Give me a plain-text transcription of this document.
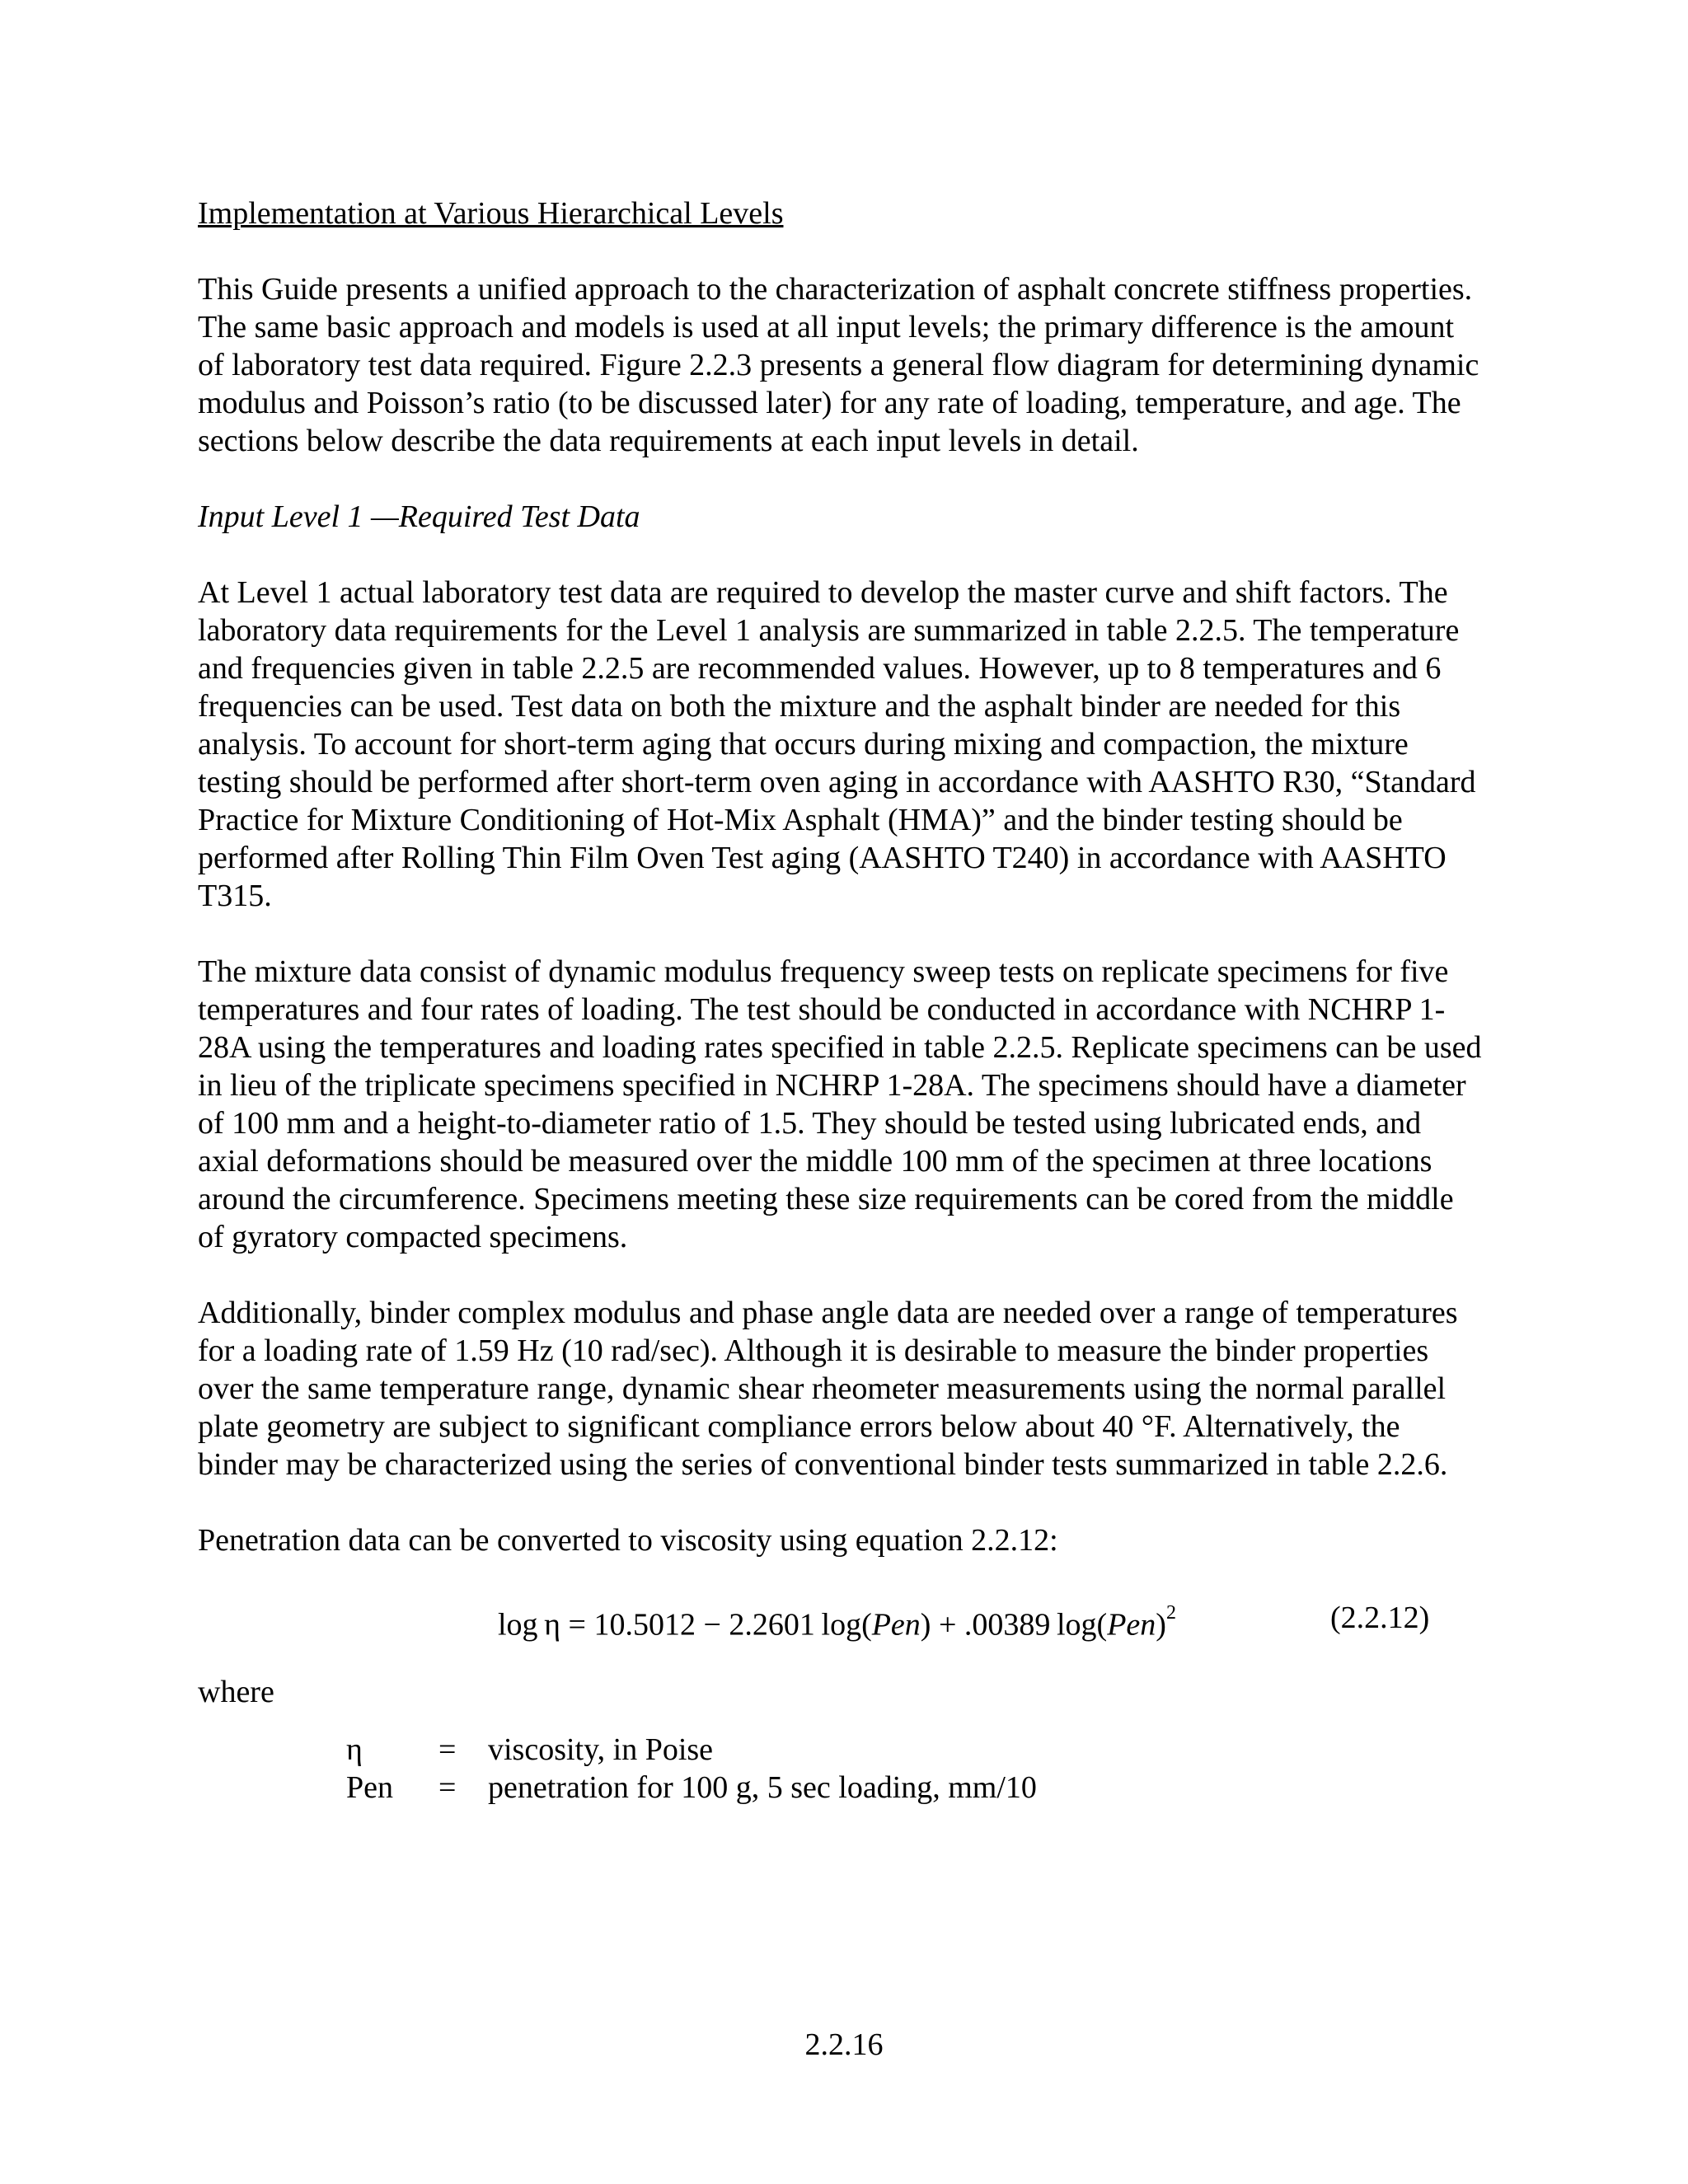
Implementation at Various Hierarchical Levels

This Guide presents a unified approach to the characterization of asphalt concrete stiffness properties. The same basic approach and models is used at all input levels; the primary difference is the amount of laboratory test data required. Figure 2.2.3 presents a general flow diagram for determining dynamic modulus and Poisson’s ratio (to be discussed later) for any rate of loading, temperature, and age. The sections below describe the data requirements at each input levels in detail.

Input Level 1 —Required Test Data

At Level 1 actual laboratory test data are required to develop the master curve and shift factors. The laboratory data requirements for the Level 1 analysis are summarized in table 2.2.5. The temperature and frequencies given in table 2.2.5 are recommended values. However, up to 8 temperatures and 6 frequencies can be used. Test data on both the mixture and the asphalt binder are needed for this analysis. To account for short-term aging that occurs during mixing and compaction, the mixture testing should be performed after short-term oven aging in accordance with AASHTO R30, “Standard Practice for Mixture Conditioning of Hot-Mix Asphalt (HMA)” and the binder testing should be performed after Rolling Thin Film Oven Test aging (AASHTO T240) in accordance with AASHTO T315.

The mixture data consist of dynamic modulus frequency sweep tests on replicate specimens for five temperatures and four rates of loading. The test should be conducted in accordance with NCHRP 1-28A using the temperatures and loading rates specified in table 2.2.5. Replicate specimens can be used in lieu of the triplicate specimens specified in NCHRP 1-28A. The specimens should have a diameter of 100 mm and a height-to-diameter ratio of 1.5. They should be tested using lubricated ends, and axial deformations should be measured over the middle 100 mm of the specimen at three locations around the circumference. Specimens meeting these size requirements can be cored from the middle of gyratory compacted specimens.

Additionally, binder complex modulus and phase angle data are needed over a range of temperatures for a loading rate of 1.59 Hz (10 rad/sec). Although it is desirable to measure the binder properties over the same temperature range, dynamic shear rheometer measurements using the normal parallel plate geometry are subject to significant compliance errors below about 40 °F. Alternatively, the binder may be characterized using the series of conventional binder tests summarized in table 2.2.6.

Penetration data can be converted to viscosity using equation 2.2.12:

log η = 10.5012 − 2.2601 log(Pen) + .00389 log(Pen)$^2$	(2.2.12)
where
η	=	viscosity, in Poise
Pen	=	penetration for 100 g, 5 sec loading, mm/10
2.2.16
